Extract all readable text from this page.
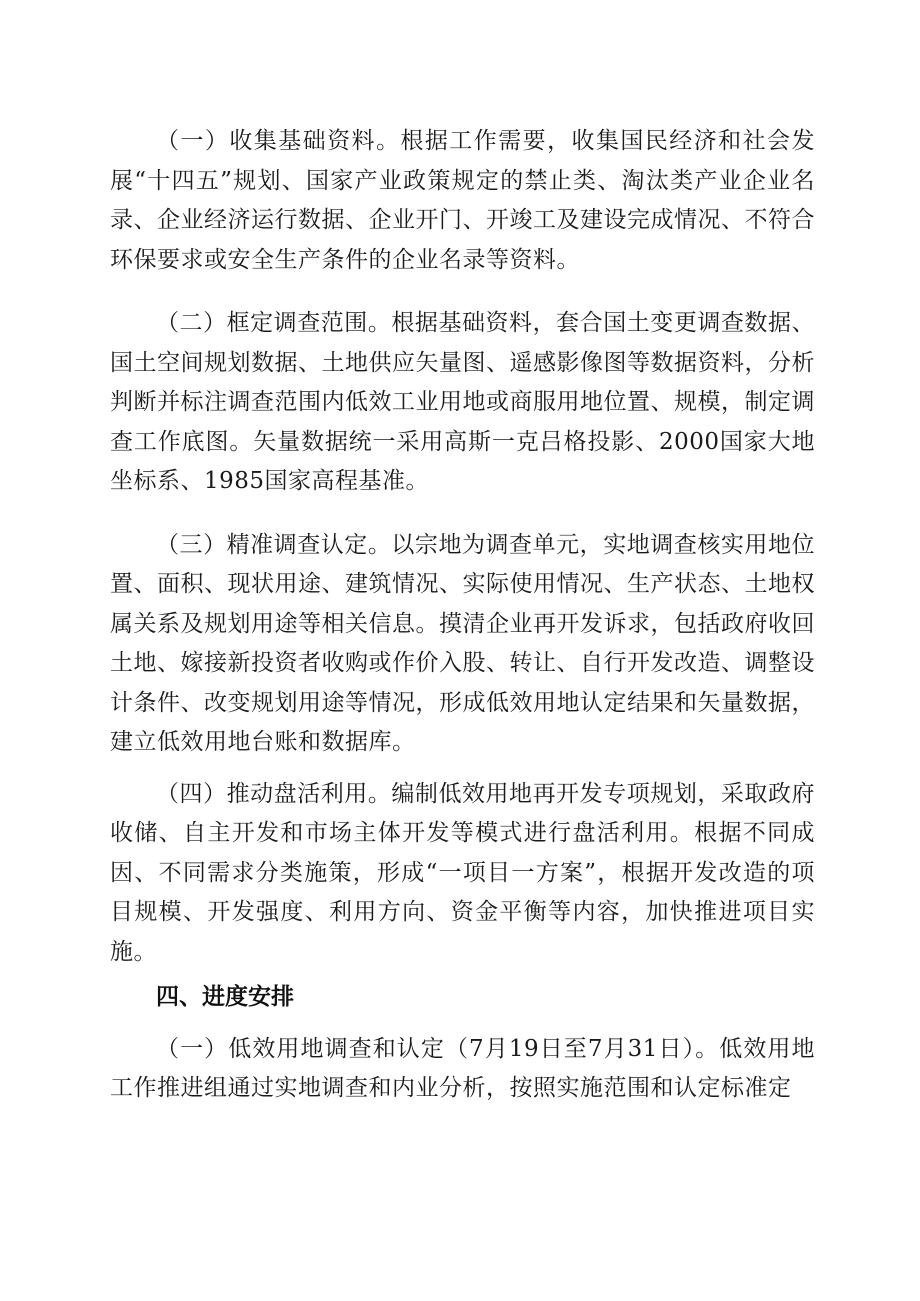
（一）收集基础资料。根据工作需要，收集国民经济和社会发展“十四五”规划、国家产业政策规定的禁止类、淘汰类产业企业名录、企业经济运行数据、企业开门、开竣工及建设完成情况、不符合环保要求或安全生产条件的企业名录等资料。

（二）框定调查范围。根据基础资料，套合国土变更调查数据、国土空间规划数据、土地供应矢量图、遥感影像图等数据资料，分析判断并标注调查范围内低效工业用地或商服用地位置、规模，制定调查工作底图。矢量数据统一采用高斯一克吕格投影、2000国家大地坐标系、1985国家高程基准。

（三）精准调查认定。以宗地为调查单元，实地调查核实用地位置、面积、现状用途、建筑情况、实际使用情况、生产状态、土地权属关系及规划用途等相关信息。摸清企业再开发诉求，包括政府收回土地、嫁接新投资者收购或作价入股、转让、自行开发改造、调整设计条件、改变规划用途等情况，形成低效用地认定结果和矢量数据，建立低效用地台账和数据库。

（四）推动盘活利用。编制低效用地再开发专项规划，采取政府收储、自主开发和市场主体开发等模式进行盘活利用。根据不同成因、不同需求分类施策，形成“一项目一方案”，根据开发改造的项目规模、开发强度、利用方向、资金平衡等内容，加快推进项目实施。

四、进度安排

（一）低效用地调查和认定（7月19日至7月31日）。低效用地工作推进组通过实地调查和内业分析，按照实施范围和认定标准定
